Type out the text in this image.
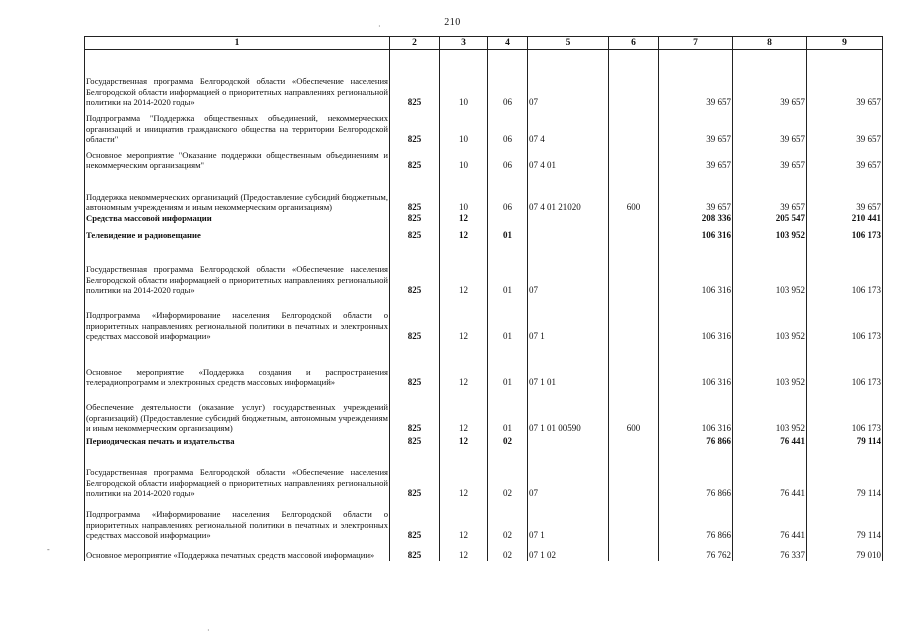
210
1	2	3	4	5	6	7	8	9
Государственная программа Белгородской области «Обеспечение населения Белгородской области информацией о приоритетных направлениях региональной политики на 2014-2020 годы»	825	10	06	07		39 657	39 657	39 657
Подпрограмма "Поддержка общественных объединений, некоммерческих организаций и инициатив гражданского общества на территории Белгородской области"	825	10	06	07 4		39 657	39 657	39 657
Основное мероприятие "Оказание поддержки общественным объединениям и некоммерческим организациям"	825	10	06	07 4 01		39 657	39 657	39 657
Поддержка некоммерческих организаций (Предоставление субсидий бюджетным, автономным учреждениям и иным некоммерческим организациям)	825	10	06	07 4 01 21020	600	39 657	39 657	39 657
Средства массовой информации	825	12				208 336	205 547	210 441
Телевидение и радиовещание	825	12	01			106 316	103 952	106 173
Государственная программа Белгородской области «Обеспечение населения Белгородской области информацией о приоритетных направлениях региональной политики на 2014-2020 годы»	825	12	01	07		106 316	103 952	106 173
Подпрограмма «Информирование населения Белгородской области о приоритетных направлениях региональной политики в печатных и электронных средствах массовой информации»	825	12	01	07 1		106 316	103 952	106 173
Основное мероприятие «Поддержка создания и распространения телерадиопрограмм и электронных средств массовых информаций»	825	12	01	07 1 01		106 316	103 952	106 173
Обеспечение деятельности (оказание услуг) государственных учреждений (организаций) (Предоставление субсидий бюджетным, автономным учреждениям и иным некоммерческим организациям)	825	12	01	07 1 01 00590	600	106 316	103 952	106 173
Периодическая печать и издательства	825	12	02			76 866	76 441	79 114
Государственная программа Белгородской области «Обеспечение населения Белгородской области информацией о приоритетных направлениях региональной политики на 2014-2020 годы»	825	12	02	07		76 866	76 441	79 114
Подпрограмма «Информирование населения Белгородской области о приоритетных направлениях региональной политики в печатных и электронных средствах массовой информации»	825	12	02	07 1		76 866	76 441	79 114
Основное мероприятие «Поддержка печатных средств массовой информации»	825	12	02	07 1 02		76 762	76 337	79 010
·
·
-
